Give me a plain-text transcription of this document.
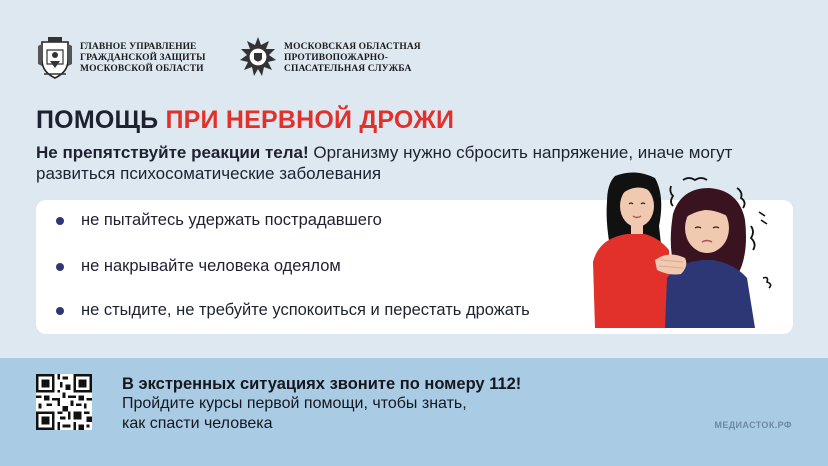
ГЛАВНОЕ УПРАВЛЕНИЕ
ГРАЖДАНСКОЙ ЗАЩИТЫ
МОСКОВСКОЙ ОБЛАСТИ
МОСКОВСКАЯ ОБЛАСТНАЯ
ПРОТИВОПОЖАРНО-
СПАСАТЕЛЬНАЯ СЛУЖБА
ПОМОЩЬ ПРИ НЕРВНОЙ ДРОЖИ
Не препятствуйте реакции тела! Организму нужно сбросить напряжение, иначе могут развиться психосоматические заболевания
не пытайтесь удержать пострадавшего
не накрывайте человека одеялом
не стыдите, не требуйте успокоиться и перестать дрожать
В экстренных ситуациях звоните по номеру 112!
Пройдите курсы первой помощи, чтобы знать,
как спасти человека	МЕДИАСТОК.РФ
